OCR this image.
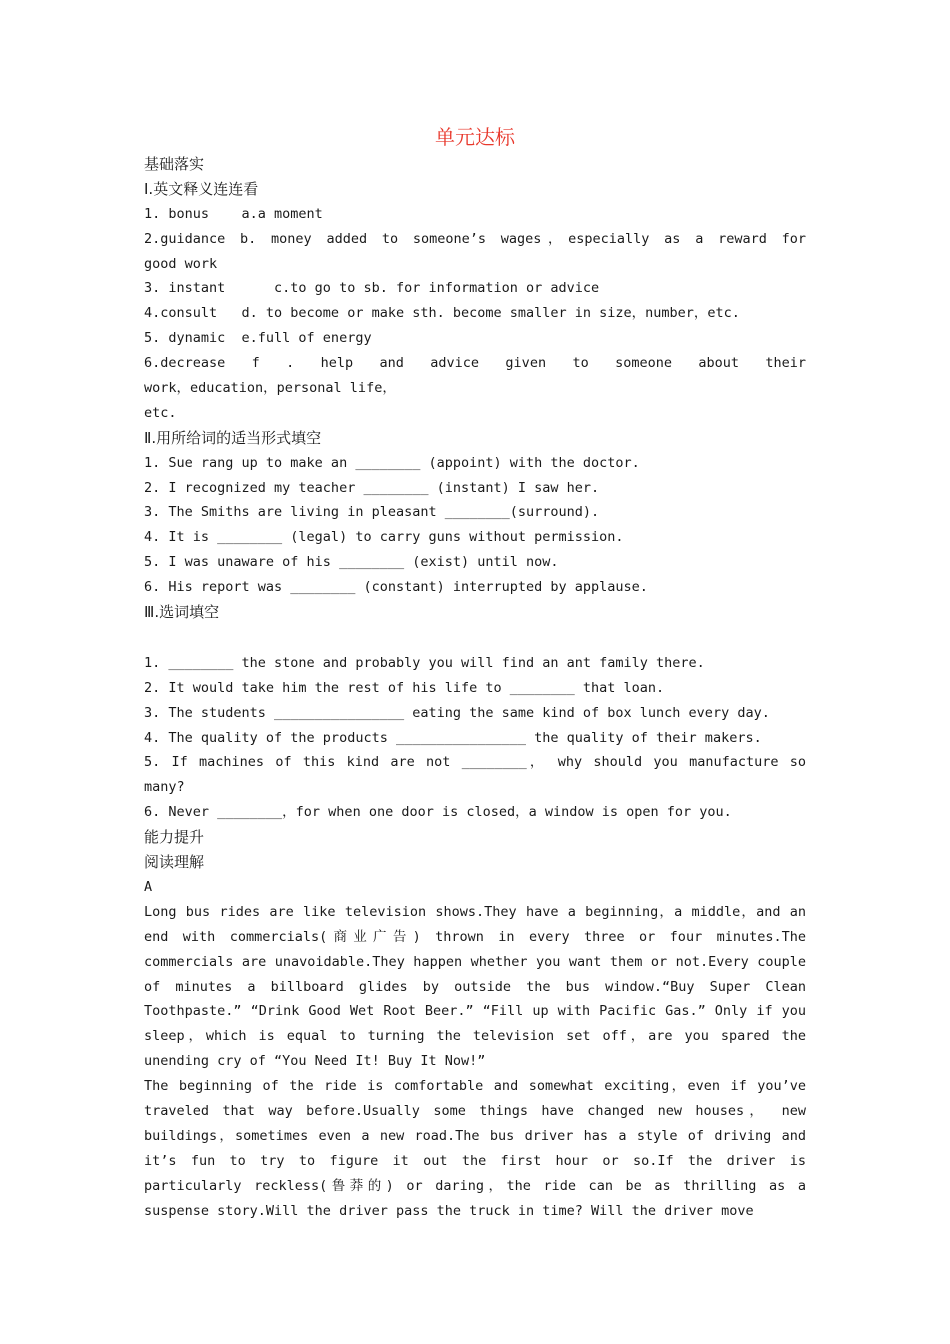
单元达标
基础落实
Ⅰ.英文释义连连看
1. bonus    a.a moment
2.guidance b. money added to someone’s wages，especially as a reward for
good work
3. instant      c.to go to sb. for information or advice
4.consult   d. to become or make sth. become smaller in size，number，etc.
5. dynamic  e.full of energy
6.decrease f . help and advice given to someone about their
work，education，personal life，
etc.
Ⅱ.用所给词的适当形式填空
1. Sue rang up to make an ________ (appoint) with the doctor.
2. I recognized my teacher ________ (instant) I saw her.
3. The Smiths are living in pleasant ________(surround).
4. It is ________ (legal) to carry guns without permission.
5. I was unaware of his ________ (exist) until now.
6. His report was ________ (constant) interrupted by applause.
Ⅲ.选词填空
1. ________ the stone and probably you will find an ant family there.
2. It would take him the rest of his life to ________ that loan.
3. The students ________________ eating the same kind of box lunch every day.
4. The quality of the products ________________ the quality of their makers.
5. If machines of this kind are not ________， why should you manufacture so
many?
6. Never ________，for when one door is closed，a window is open for you.
能力提升
阅读理解
A
Long bus rides are like television shows.They have a beginning，a middle，and an end with commercials(商业广告) thrown in every three or four minutes.The commercials are unavoidable.They happen whether you want them or not.Every couple of minutes a billboard glides by outside the bus window.“Buy Super Clean Toothpaste.” “Drink Good Wet Root Beer.” “Fill up with Pacific Gas.” Only if you sleep，which is equal to turning the television set off，are you spared the unending cry of “You Need It! Buy It Now!”
The beginning of the ride is comfortable and somewhat exciting，even if you’ve traveled that way before.Usually some things have changed new houses， new buildings，sometimes even a new road.The bus driver has a style of driving and it’s fun to try to figure it out the first hour or so.If the driver is particularly reckless(鲁莽的) or daring，the ride can be as thrilling as a suspense story.Will the driver pass the truck in time? Will the driver move
